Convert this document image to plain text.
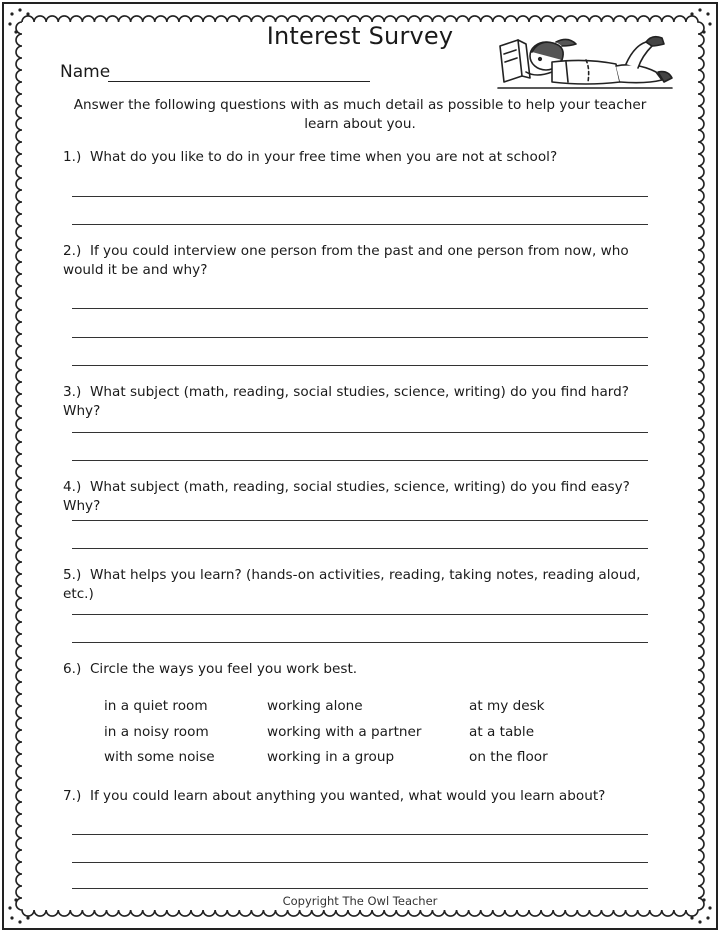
Interest Survey
Name
Answer the following questions with as much detail as possible to help your teacher learn about you.
1.) What do you like to do in your free time when you are not at school?
2.) If you could interview one person from the past and one person from now, who would it be and why?
3.) What subject (math, reading, social studies, science, writing) do you find hard? Why?
4.) What subject (math, reading, social studies, science, writing) do you find easy? Why?
5.) What helps you learn? (hands-on activities, reading, taking notes, reading aloud, etc.)
6.) Circle the ways you feel you work best.
in a quiet room
in a noisy room
with some noise
working alone
working with a partner
working in a group
at my desk
at a table
on the floor
7.) If you could learn about anything you wanted, what would you learn about?
Copyright The Owl Teacher
